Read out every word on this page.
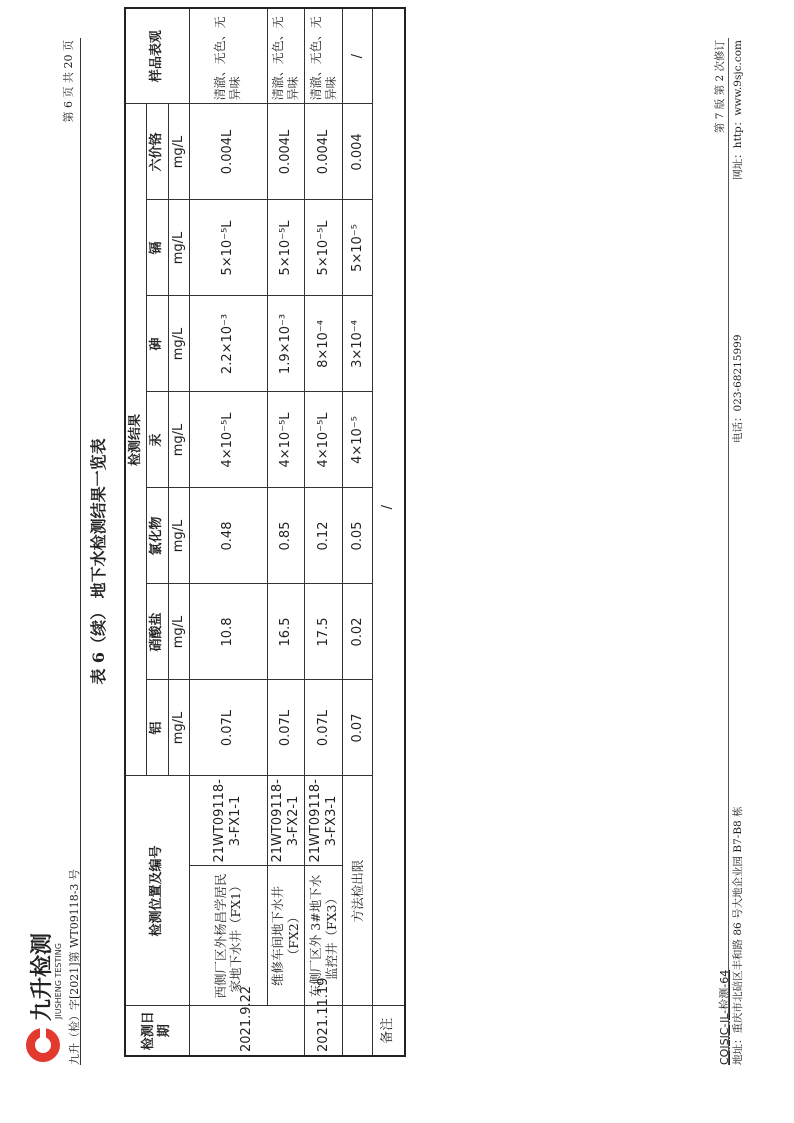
九升检测 JIUSHENG TESTING 九升（检）字[2021]第 WT09118-3 号
第 6 页 共 20 页
表 6（续） 地下水检测结果一览表
检测日期	检测位置及编号		检测结果							样品表观
			铝	硝酸盐	氯化物	汞	砷	镉	六价铬	
			mg/L	mg/L	mg/L	mg/L	mg/L	mg/L	mg/L	
2021.9.22	西侧厂区外杨昌学居民家地下水井（FX1）	21WT09118-3-FX1-1	0.07L	10.8	0.48	4×10⁻⁵L	2.2×10⁻³	5×10⁻⁵L	0.004L	清澈、无色、无异味
	维修车间地下水井（FX2）	21WT09118-3-FX2-1	0.07L	16.5	0.85	4×10⁻⁵L	1.9×10⁻³	5×10⁻⁵L	0.004L	清澈、无色、无异味
2021.11.19	东侧厂区外 3#地下水监控井（FX3）	21WT09118-3-FX3-1	0.07L	17.5	0.12	4×10⁻⁵L	8×10⁻⁴	5×10⁻⁵L	0.004L	清澈、无色、无异味
	方法检出限		0.07	0.02	0.05	4×10⁻⁵	3×10⁻⁴	5×10⁻⁵	0.004	/
备注	/									
CQJSJC-JL-检测-64 地址：重庆市北碚区丰和路 86 号大地企业园 B7-B8 栋
电话：023-68215999
第 7 版 第 2 次修订 网址：http：www.9sjc.com
